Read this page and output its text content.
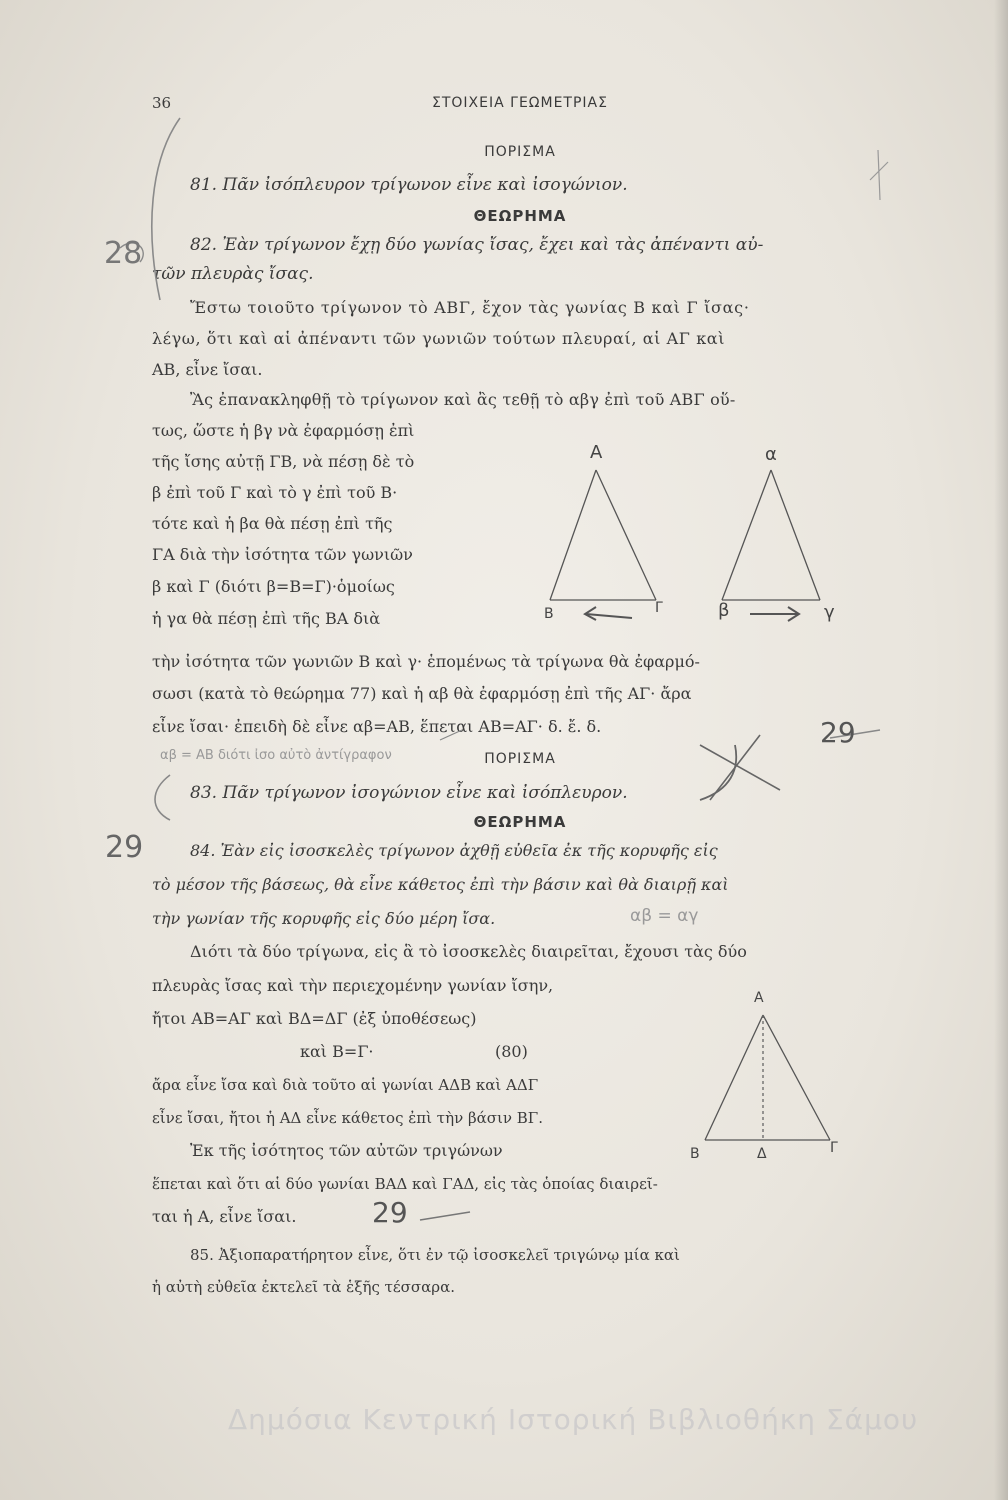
36	ΣΤΟΙΧΕΙΑ ΓΕΩΜΕΤΡΙΑΣ
ΠΟΡΙΣΜΑ
81. Πᾶν ἰσόπλευρον τρίγωνον εἶνε καὶ ἰσογώνιον.
ΘΕΩΡΗΜΑ
82. Ἐὰν τρίγωνον ἔχῃ δύο γωνίας ἴσας, ἔχει καὶ τὰς ἀπέναντι αὐ-
τῶν πλευρὰς ἴσας.
Ἔστω τοιοῦτο τρίγωνον τὸ ΑΒΓ, ἔχον τὰς γωνίας Β καὶ Γ ἴσας·
λέγω, ὅτι καὶ αἱ ἀπέναντι τῶν γωνιῶν τούτων πλευραί, αἱ ΑΓ καὶ
ΑΒ, εἶνε ἴσαι.
Ἂς ἐπανακληφθῇ τὸ τρίγωνον καὶ ἂς τεθῇ τὸ αβγ ἐπὶ τοῦ ΑΒΓ οὕ-
τως, ὥστε ἡ βγ νὰ ἐφαρμόσῃ ἐπὶ
τῆς ἴσης αὐτῇ ΓΒ, νὰ πέσῃ δὲ τὸ
β ἐπὶ τοῦ Γ καὶ τὸ γ ἐπὶ τοῦ Β·
τότε καὶ ἡ βα θὰ πέσῃ ἐπὶ τῆς
ΓΑ διὰ τὴν ἰσότητα τῶν γωνιῶν
β καὶ Γ (διότι β=Β=Γ)·ὁμοίως
ἡ γα θὰ πέσῃ ἐπὶ τῆς ΒΑ διὰ
τὴν ἰσότητα τῶν γωνιῶν Β καὶ γ· ἑπομένως τὰ τρίγωνα θὰ ἐφαρμό-
σωσι (κατὰ τὸ θεώρημα 77) καὶ ἡ αβ θὰ ἐφαρμόσῃ ἐπὶ τῆς ΑΓ· ἄρα
εἶνε ἴσαι· ἐπειδὴ δὲ εἶνε αβ=ΑΒ, ἕπεται ΑΒ=ΑΓ· δ. ἔ. δ.
Α
Β	Γ
α
β	γ
ΠΟΡΙΣΜΑ
83. Πᾶν τρίγωνον ἰσογώνιον εἶνε καὶ ἰσόπλευρον.
ΘΕΩΡΗΜΑ
84. Ἐὰν εἰς ἰσοσκελὲς τρίγωνον ἀχθῇ εὐθεῖα ἐκ τῆς κορυφῆς εἰς
τὸ μέσον τῆς βάσεως, θὰ εἶνε κάθετος ἐπὶ τὴν βάσιν καὶ θὰ διαιρῇ καὶ
τὴν γωνίαν τῆς κορυφῆς εἰς δύο μέρη ἴσα.
Διότι τὰ δύο τρίγωνα, εἰς ἃ τὸ ἰσοσκελὲς διαιρεῖται, ἔχουσι τὰς δύο
πλευρὰς ἴσας καὶ τὴν περιεχομένην γωνίαν ἴσην,
ἤτοι ΑΒ=ΑΓ καὶ ΒΔ=ΔΓ (ἐξ ὑποθέσεως)
καὶ Β=Γ·	(80)
ἄρα εἶνε ἴσα καὶ διὰ τοῦτο αἱ γωνίαι ΑΔΒ καὶ ΑΔΓ
εἶνε ἴσαι, ἤτοι ἡ ΑΔ εἶνε κάθετος ἐπὶ τὴν βάσιν ΒΓ.
Ἐκ τῆς ἰσότητος τῶν αὐτῶν τριγώνων
ἕπεται καὶ ὅτι αἱ δύο γωνίαι ΒΑΔ καὶ ΓΑΔ, εἰς τὰς ὁποίας διαιρεῖ-
ται ἡ Α, εἶνε ἴσαι.
Α
Β	Δ	Γ
85. Ἀξιοπαρατήρητον εἶνε, ὅτι ἐν τῷ ἰσοσκελεῖ τριγώνῳ μία καὶ
ἡ αὐτὴ εὐθεῖα ἐκτελεῖ τὰ ἑξῆς τέσσαρα.
28
29
αβ = ΑΒ διότι ἰσο αὐτὸ ἀντίγραφον
29
αβ = αγ
29
Δημόσια Κεντρική Ιστορική Βιβλιοθήκη Σάμου
